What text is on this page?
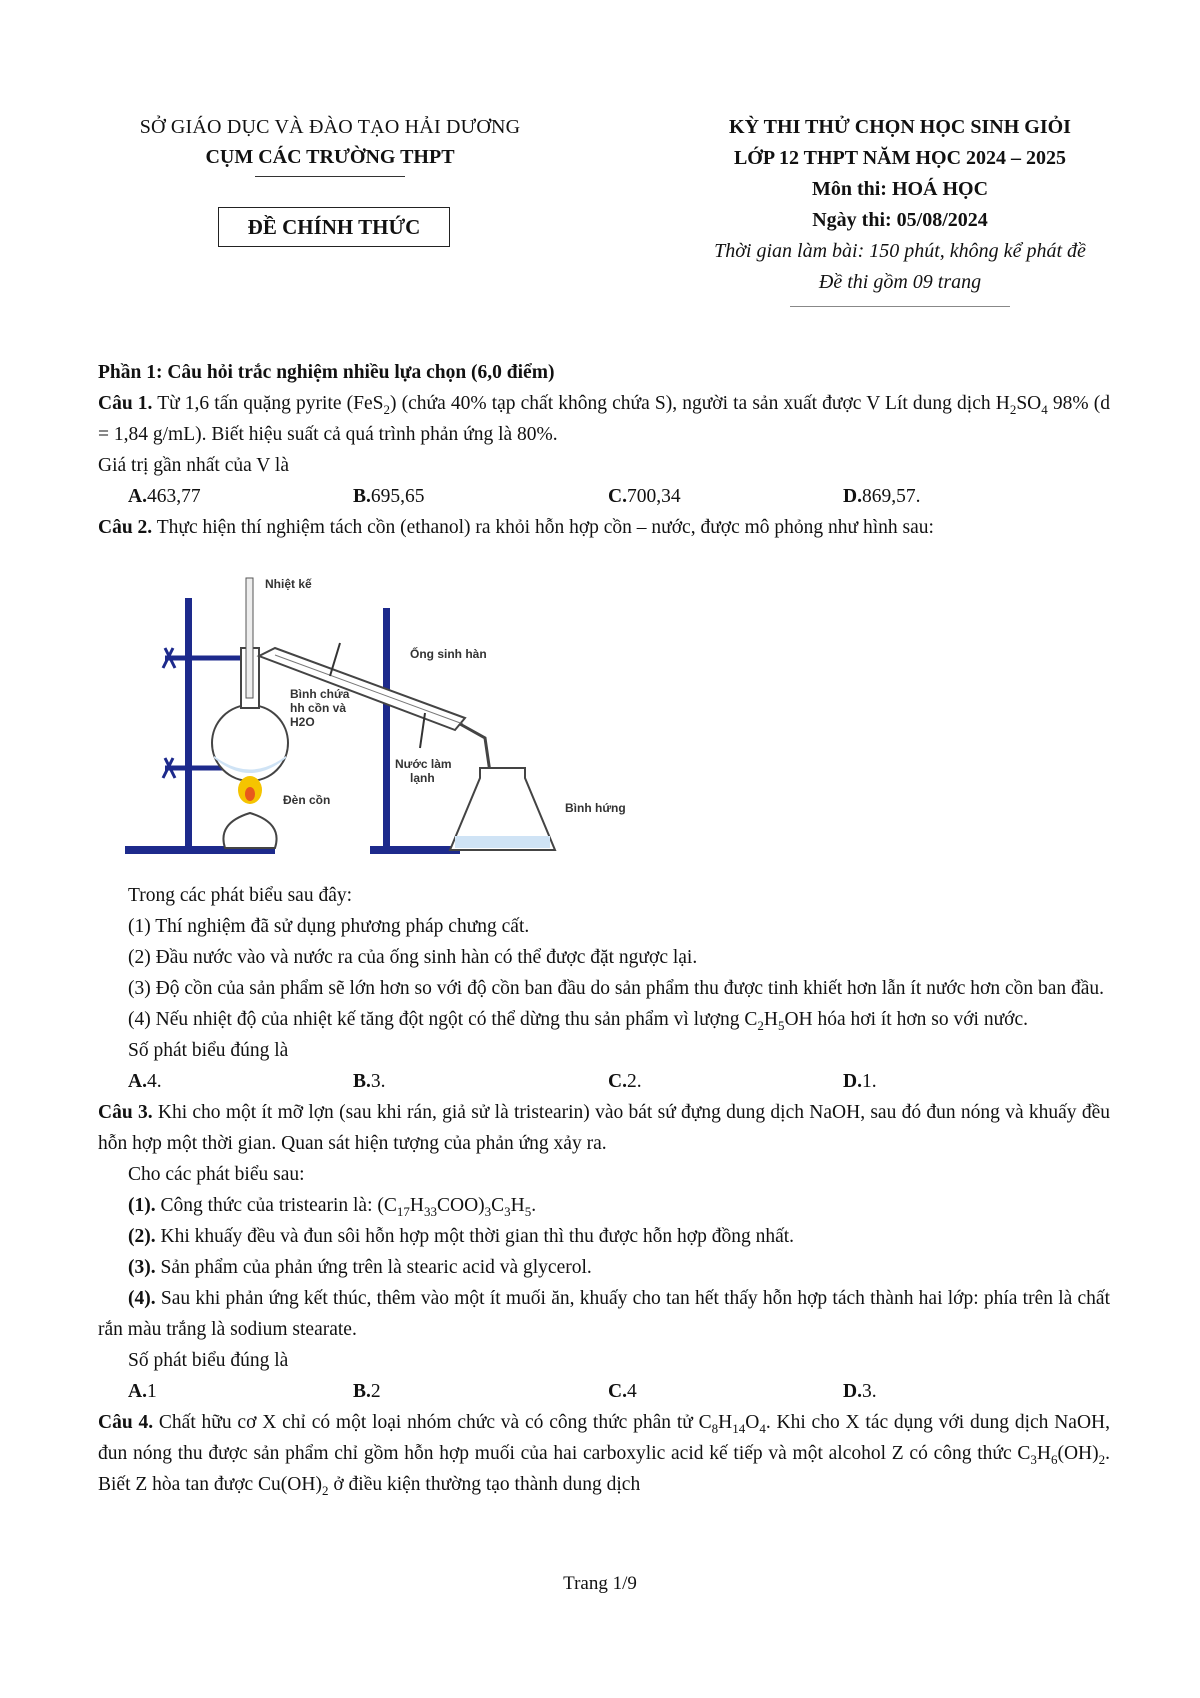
SỞ GIÁO DỤC VÀ ĐÀO TẠO HẢI DƯƠNG
CỤM CÁC TRƯỜNG THPT
ĐỀ CHÍNH THỨC
KỲ THI THỬ CHỌN HỌC SINH GIỎI
LỚP 12 THPT NĂM HỌC 2024 – 2025
Môn thi: HOÁ HỌC
Ngày thi: 05/08/2024
Thời gian làm bài: 150 phút, không kể phát đề
Đề thi gồm 09 trang

Phần 1: Câu hỏi trắc nghiệm nhiều lựa chọn (6,0 điểm)

Câu 1. Từ 1,6 tấn quặng pyrite (FeS$_2$) (chứa 40% tạp chất không chứa S), người ta sản xuất được V Lít dung dịch $H_2SO_4$ 98% (d = 1,84 g/mL). Biết hiệu suất cả quá trình phản ứng là 80%.

Giá trị gần nhất của V là

A.463,77	B.695,65	C.700,34	D.869,57.

Câu 2. Thực hiện thí nghiệm tách cồn (ethanol) ra khỏi hỗn hợp cồn – nước, được mô phỏng như hình sau:

Nhiệt kế
Ống sinh hàn
Bình chứa
hh cồn và
H2O
Nước làm
lạnh
Đèn cồn
Bình hứng

Trong các phát biểu sau đây:

(1) Thí nghiệm đã sử dụng phương pháp chưng cất.

(2) Đầu nước vào và nước ra của ống sinh hàn có thể được đặt ngược lại.

(3) Độ cồn của sản phẩm sẽ lớn hơn so với độ cồn ban đầu do sản phẩm thu được tinh khiết hơn lẫn ít nước hơn cồn ban đầu.

(4) Nếu nhiệt độ của nhiệt kế tăng đột ngột có thể dừng thu sản phẩm vì lượng $C_2H_5OH$ hóa hơi ít hơn so với nước.

Số phát biểu đúng là

A.4.	B.3.	C.2.	D.1.

Câu 3. Khi cho một ít mỡ lợn (sau khi rán, giả sử là tristearin) vào bát sứ đựng dung dịch NaOH, sau đó đun nóng và khuấy đều hỗn hợp một thời gian. Quan sát hiện tượng của phản ứng xảy ra.

Cho các phát biểu sau:

(1). Công thức của tristearin là: $(C_{17}H_{33}COO)_3C_3H_5$.

(2). Khi khuấy đều và đun sôi hỗn hợp một thời gian thì thu được hỗn hợp đồng nhất.

(3). Sản phẩm của phản ứng trên là stearic acid và glycerol.

(4). Sau khi phản ứng kết thúc, thêm vào một ít muối ăn, khuấy cho tan hết thấy hỗn hợp tách thành hai lớp: phía trên là chất rắn màu trắng là sodium stearate.

Số phát biểu đúng là

A.1	B.2	C.4	D.3.

Câu 4. Chất hữu cơ X chỉ có một loại nhóm chức và có công thức phân tử $C_8H_{14}O_4$. Khi cho X tác dụng với dung dịch NaOH, đun nóng thu được sản phẩm chỉ gồm hỗn hợp muối của hai carboxylic acid kế tiếp và một alcohol Z có công thức $C_3H_6(OH)_2$. Biết Z hòa tan được $Cu(OH)_2$ ở điều kiện thường tạo thành dung dịch

Trang 1/9
